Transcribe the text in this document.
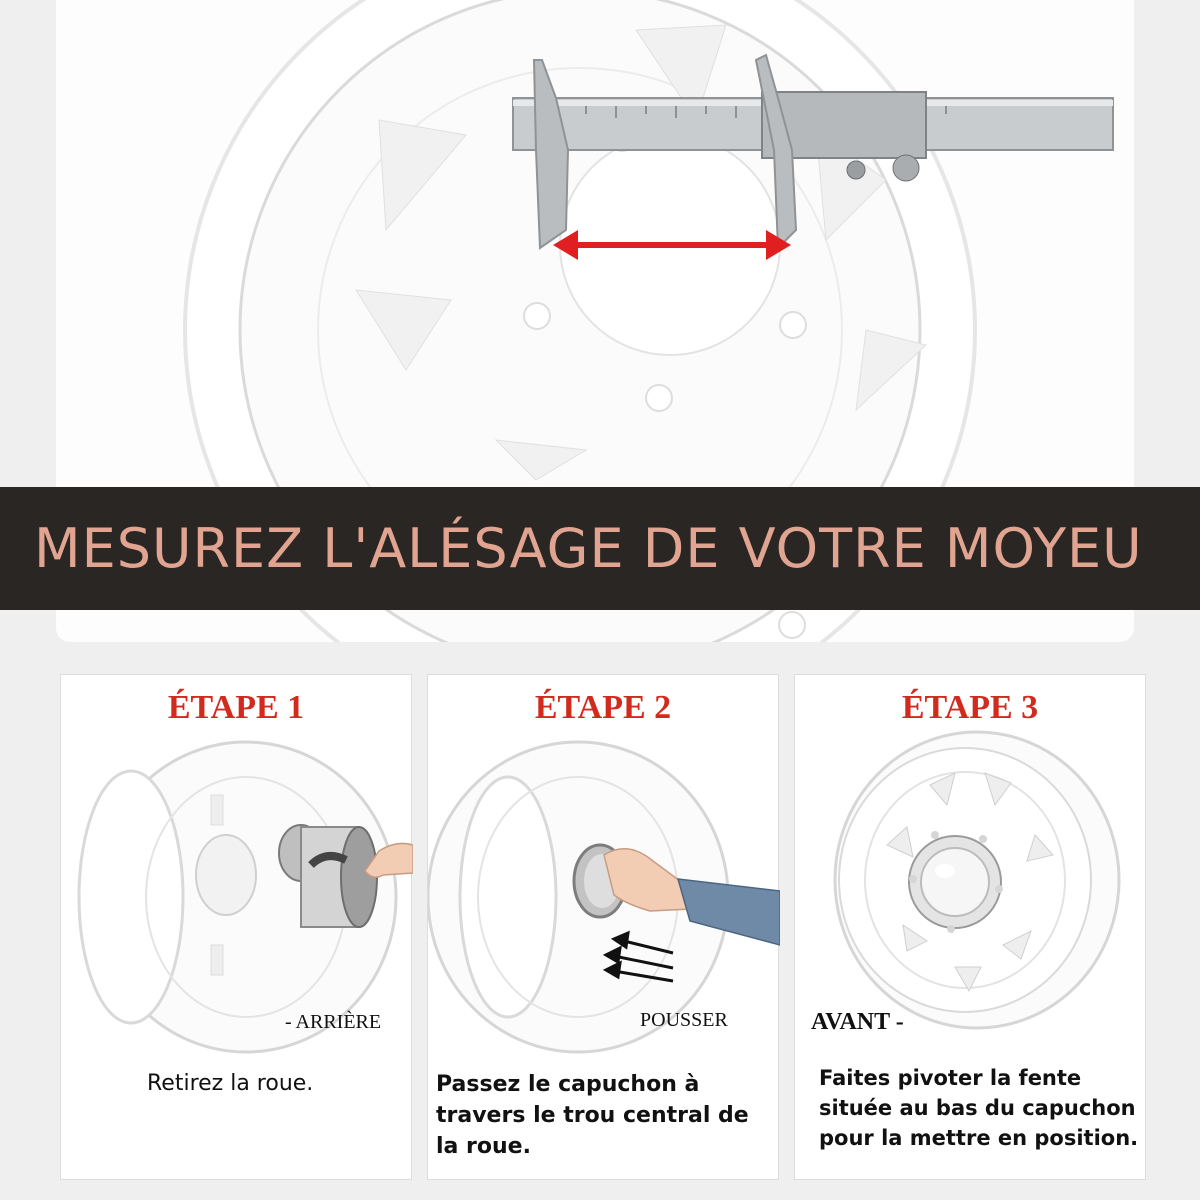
MESUREZ L'ALÉSAGE DE VOTRE MOYEU
ÉTAPE 1
- ARRIÈRE
Retirez la roue.
ÉTAPE 2
POUSSER
Passez le capuchon à travers le trou central de la roue.
ÉTAPE 3
AVANT -
Faites pivoter la fente située au bas du capuchon pour la mettre en position.
